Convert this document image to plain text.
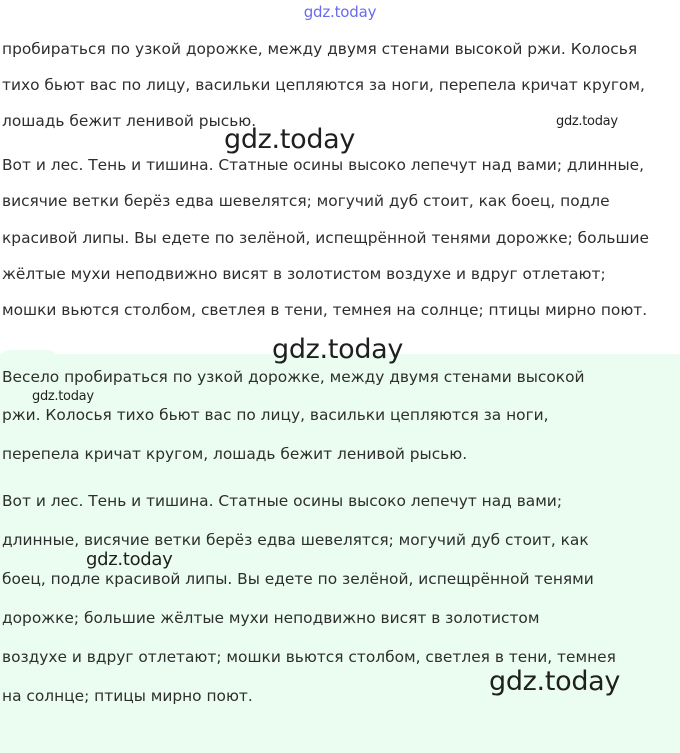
gdz.today
пробираться по узкой дорожке, между двумя стенами высокой ржи. Колосья
тихо бьют вас по лицу, васильки цепляются за ноги, перепела кричат кругом,
лошадь бежит ленивой рысью.
Вот и лес. Тень и тишина. Статные осины высоко лепечут над вами; длинные,
висячие ветки берёз едва шевелятся; могучий дуб стоит, как боец, подле
красивой липы. Вы едете по зелёной, испещрённой тенями дорожке; большие
жёлтые мухи неподвижно висят в золотистом воздухе и вдруг отлетают;
мошки вьются столбом, светлея в тени, темнея на солнце; птицы мирно поют.
Весело пробираться по узкой дорожке, между двумя стенами высокой
ржи. Колосья тихо бьют вас по лицу, васильки цепляются за ноги,
перепела кричат кругом, лошадь бежит ленивой рысью.
Вот и лес. Тень и тишина. Статные осины высоко лепечут над вами;
длинные, висячие ветки берёз едва шевелятся; могучий дуб стоит, как
боец, подле красивой липы. Вы едете по зелёной, испещрённой тенями
дорожке; большие жёлтые мухи неподвижно висят в золотистом
воздухе и вдруг отлетают; мошки вьются столбом, светлея в тени, темнея
на солнце; птицы мирно поют.
gdz.today
gdz.today
gdz.today
gdz.today
gdz.today
gdz.today
